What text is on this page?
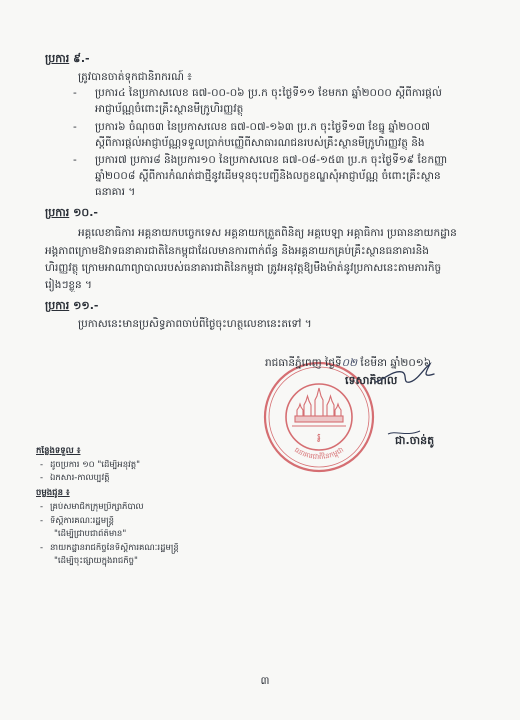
ប្រការ ៩.-
ត្រូវបានចាត់ទុកជានិរាករណ៍ ៖
-	ប្រការ៤ នៃប្រកាសលេខ ធ៧-០០-០៦ ប្រ.ក ចុះថ្ងៃទី១១ ខែមករា ឆ្នាំ២០០០ ស្តីពីការផ្តល់
អាជ្ញាប័ណ្ណចំពោះគ្រឹះស្ថានមីក្រូហិរញ្ញវត្ថុ
-	ប្រការ៦ ចំណុច៣ នៃប្រកាសលេខ ធ៧-០៧-១៦៣ ប្រ.ក ចុះថ្ងៃទី១៣ ខែធ្នូ ឆ្នាំ២០០៧
ស្តីពីការផ្តល់អាជ្ញាប័ណ្ណទទួលប្រាក់បញ្ញើពីសាធារណជនរបស់គ្រឹះស្ថានមីក្រូហិរញ្ញវត្ថុ និង
-	ប្រការ៧ ប្រការ៨ និងប្រការ១០ នៃប្រកាសលេខ ធ៧-០៨-១៥៣ ប្រ.ក ចុះថ្ងៃទី១៩ ខែកញ្ញា
ឆ្នាំ២០០៨ ស្តីពីការកំណត់ជាថ្មីនូវដើមទុនចុះបញ្ជីនិងលក្ខខណ្ឌសុំអាជ្ញាប័ណ្ណ ចំពោះគ្រឹះស្ថាន
ធនាគារ ។
ប្រការ ១០.-
អគ្គលេខាធិការ អគ្គនាយកបច្ចេកទេស អគ្គនាយកត្រួតពិនិត្យ អគ្គបេឡា អគ្គាធិការ ប្រធាននាយកដ្ឋាន
អង្គភាពក្រោមឱវាទធនាគារជាតិនៃកម្ពុជាដែលមានការពាក់ព័ន្ធ និងអគ្គនាយកគ្រប់គ្រឹះស្ថានធនាគារនិង
ហិរញ្ញវត្ថុ ក្រោមអាណាព្យាបាលរបស់ធនាគារជាតិនៃកម្ពុជា ត្រូវអនុវត្តឱ្យមឺងម៉ាត់នូវប្រកាសនេះតាមភារកិច្ច
រៀងៗខ្លួន ។
ប្រការ ១១.-
ប្រកាសនេះមានប្រសិទ្ធភាពចាប់ពីថ្ងៃចុះហត្ថលេខានេះតទៅ ។
៛
ធនាគារជាតិនៃកម្ពុជា
រាជធានីភ្នំពេញ ថ្ងៃទី០២ ខែមីនា ឆ្នាំ២០១៦
ទេសាភិបាល
ជា.ចាន់តូ
កន្លែងទទួល ៖
- ដូចប្រការ ១០ "ដើម្បីអនុវត្ត"
- ឯកសារ-កាលប្បវត្តិ
ចម្លងជូន ៖
- គ្រប់សមាជិកក្រុមប្រឹក្សាភិបាល
- ទីស្តីការគណៈរដ្ឋមន្ត្រី
"ដើម្បីជ្រាបជាព័ត៌មាន"
- នាយកដ្ឋានរាជកិច្ចនៃទីស្តីការគណៈរដ្ឋមន្ត្រី
"ដើម្បីចុះផ្សាយក្នុងរាជកិច្ច"
៣
